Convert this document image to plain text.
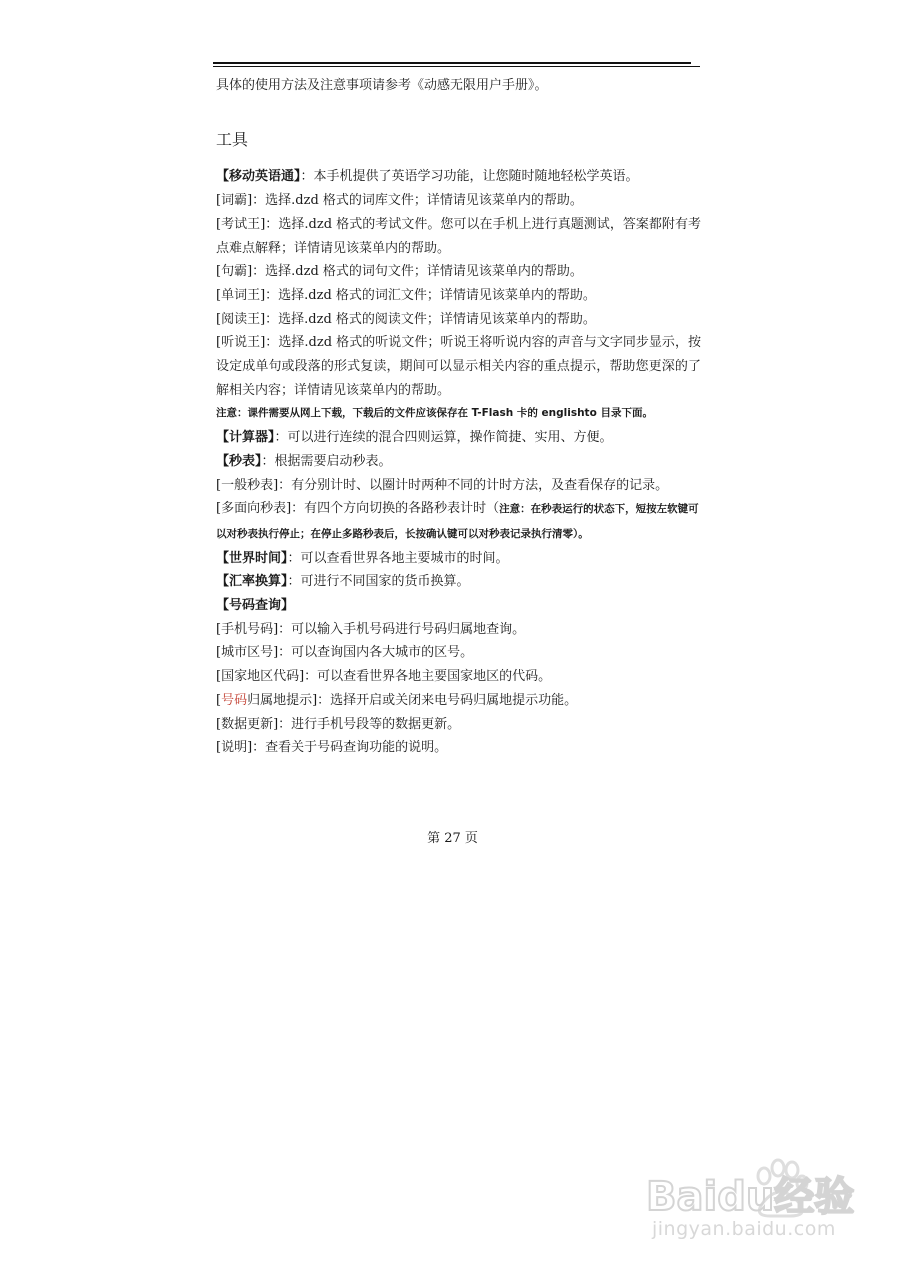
具体的使用方法及注意事项请参考《动感无限用户手册》。

工具

【移动英语通】：本手机提供了英语学习功能，让您随时随地轻松学英语。

[词霸]：选择.dzd 格式的词库文件；详情请见该菜单内的帮助。

[考试王]：选择.dzd 格式的考试文件。您可以在手机上进行真题测试，答案都附有考点难点解释；详情请见该菜单内的帮助。

[句霸]：选择.dzd 格式的词句文件；详情请见该菜单内的帮助。

[单词王]：选择.dzd 格式的词汇文件；详情请见该菜单内的帮助。

[阅读王]：选择.dzd 格式的阅读文件；详情请见该菜单内的帮助。

[听说王]：选择.dzd 格式的听说文件；听说王将听说内容的声音与文字同步显示，按设定成单句或段落的形式复读，期间可以显示相关内容的重点提示，帮助您更深的了解相关内容；详情请见该菜单内的帮助。

注意：课件需要从网上下载，下载后的文件应该保存在 T-Flash 卡的 englishto 目录下面。

【计算器】：可以进行连续的混合四则运算，操作简捷、实用、方便。

【秒表】：根据需要启动秒表。

[一般秒表]：有分别计时、以圈计时两种不同的计时方法，及查看保存的记录。

[多面向秒表]：有四个方向切换的各路秒表计时（注意：在秒表运行的状态下，短按左软键可以对秒表执行停止；在停止多路秒表后，长按确认键可以对秒表记录执行清零）。

【世界时间】：可以查看世界各地主要城市的时间。

【汇率换算】：可进行不同国家的货币换算。

【号码查询】

[手机号码]：可以输入手机号码进行号码归属地查询。

[城市区号]：可以查询国内各大城市的区号。

[国家地区代码]：可以查看世界各地主要国家地区的代码。

[号码归属地提示]：选择开启或关闭来电号码归属地提示功能。

[数据更新]：进行手机号段等的数据更新。

[说明]：查看关于号码查询功能的说明。

第 27 页
Baidu经验
jingyan.baidu.com
